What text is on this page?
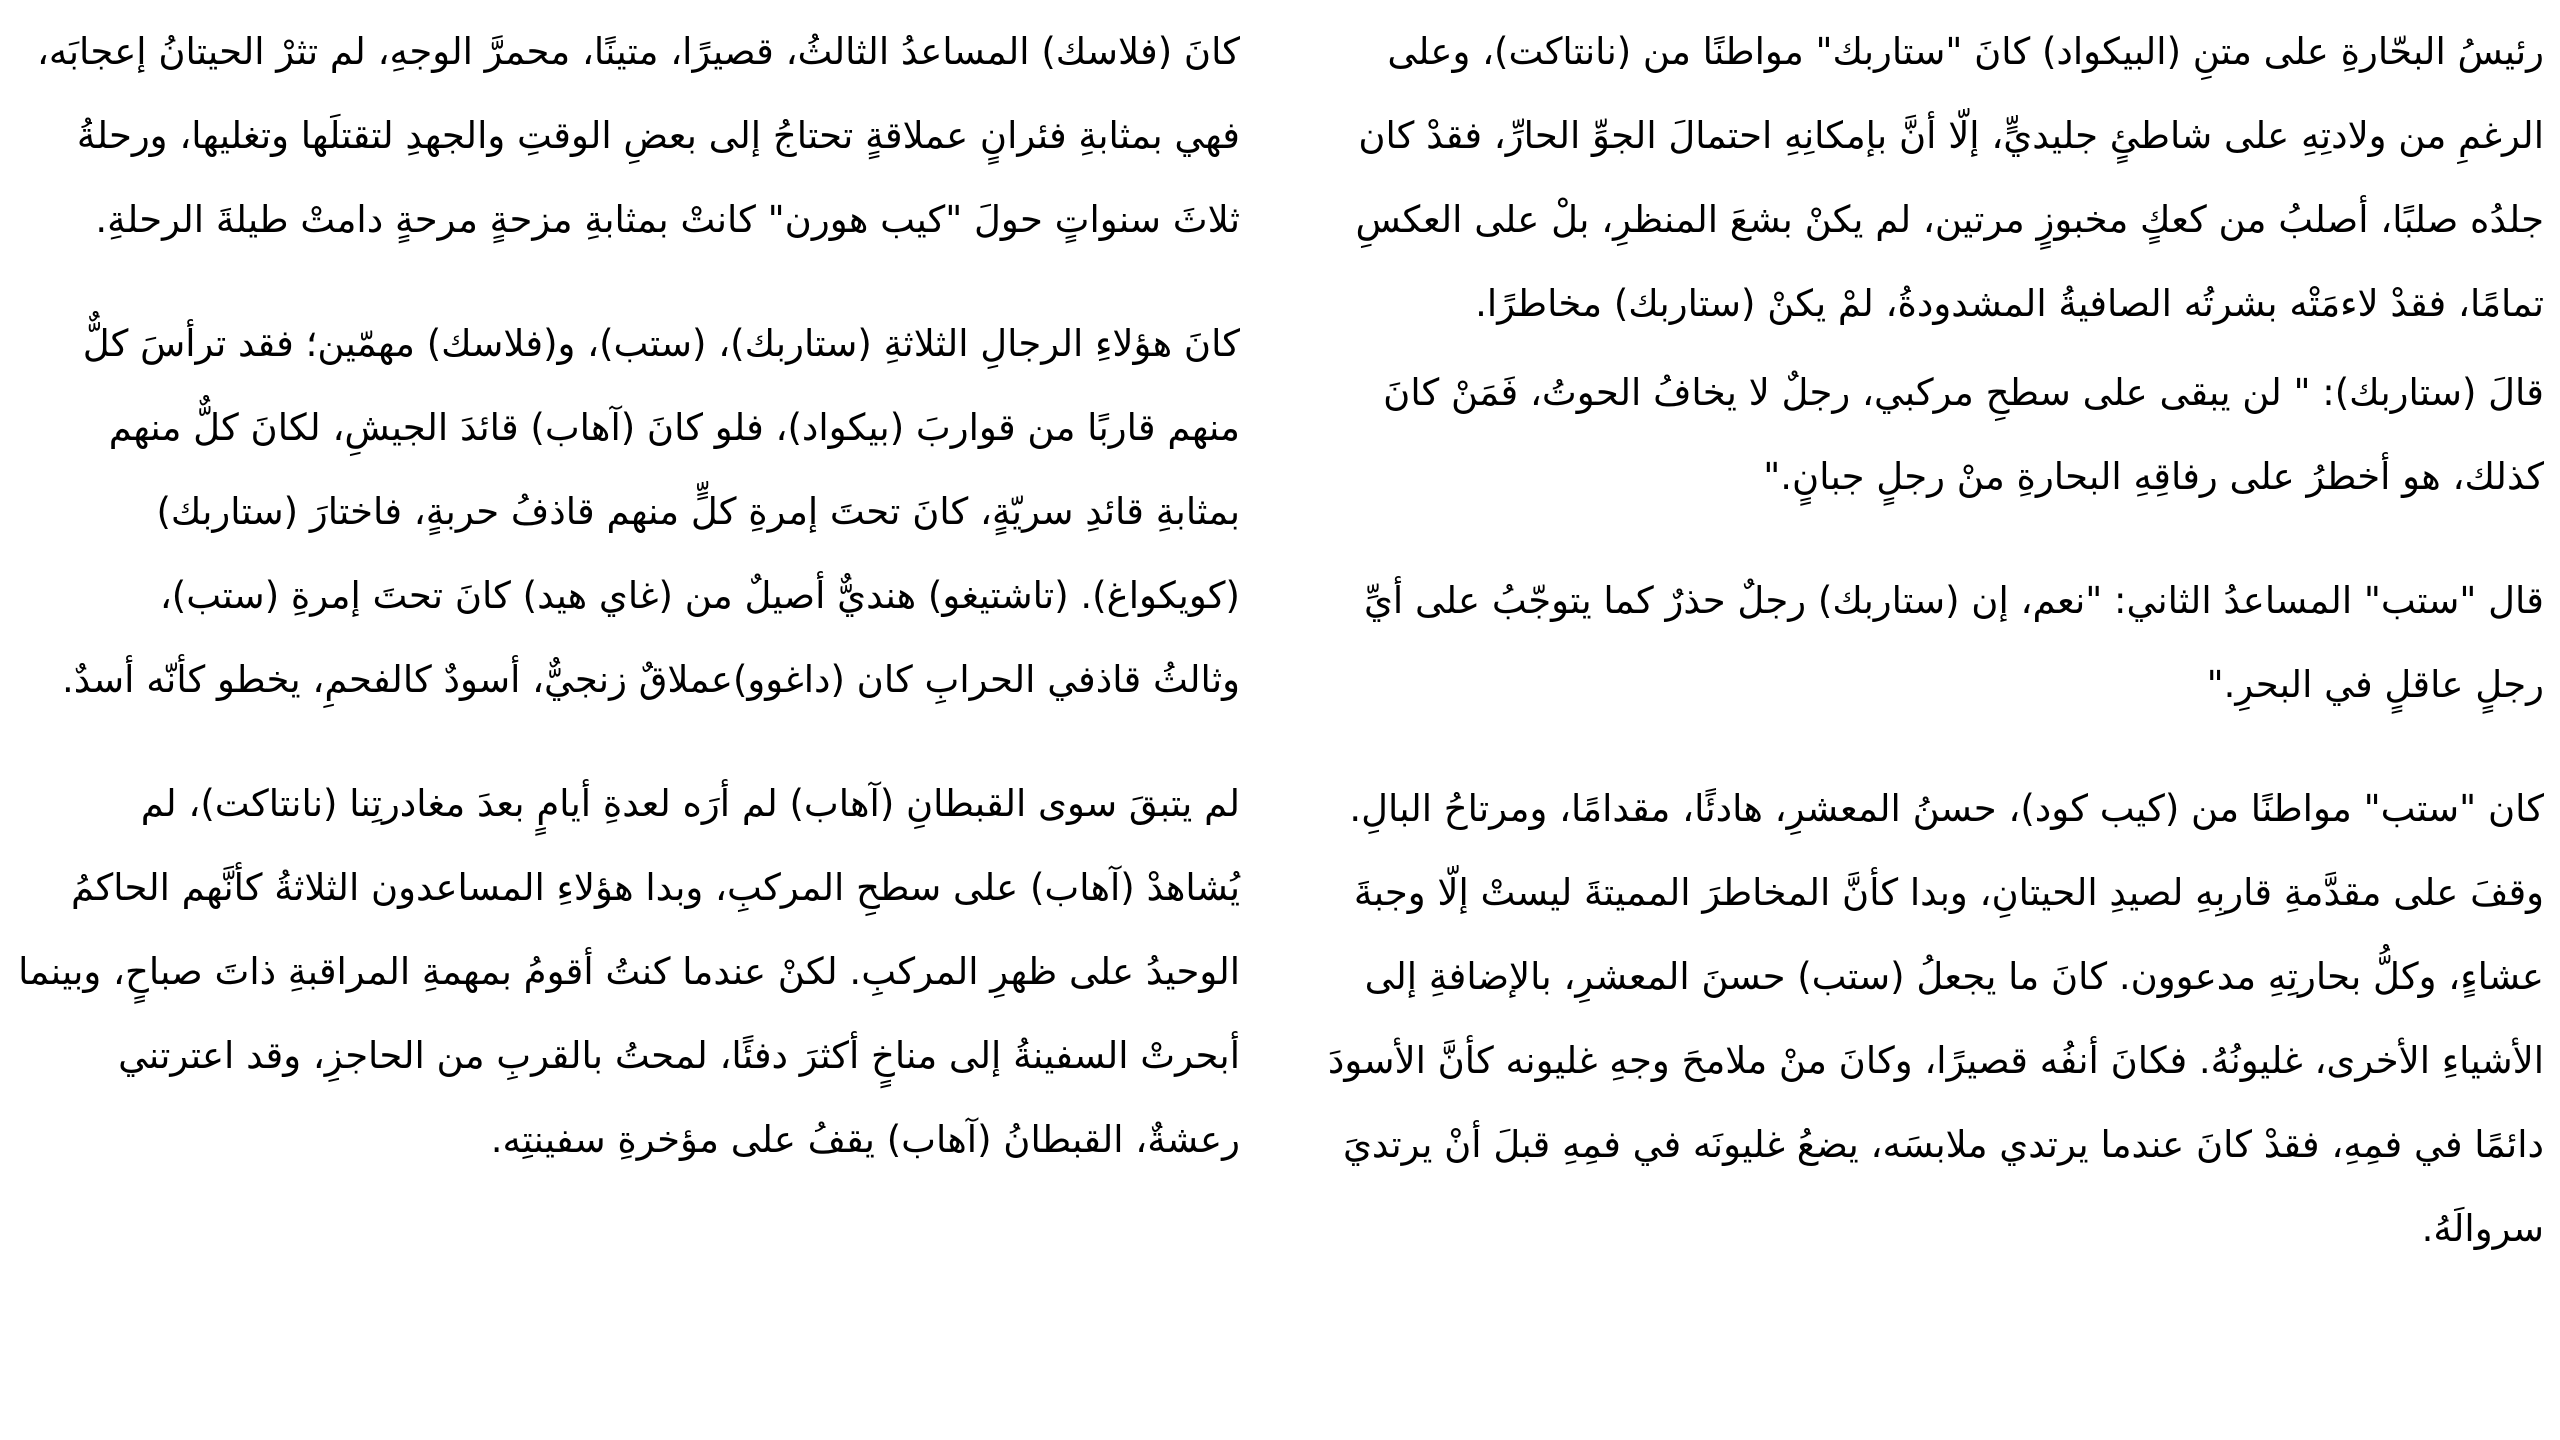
رئيسُ البحّارةِ على متنِ (البيكواد) كانَ "ستاربك" مواطنًا من (نانتاكت)، وعلى
الرغمِ من ولادتِهِ على شاطئٍ جليديٍّ، إلّا أنَّ بإمكانِهِ احتمالَ الجوِّ الحارِّ، فقدْ كان
جلدُه صلبًا، أصلبُ من كعكٍ مخبوزٍ مرتين، لم يكنْ بشعَ المنظرِ، بلْ على العكسِ
تمامًا، فقدْ لاءمَتْه بشرتُه الصافيةُ المشدودةُ، لمْ يكنْ (ستاربك) مخاطرًا.
قالَ (ستاربك): " لن يبقى على سطحِ مركبي، رجلٌ لا يخافُ الحوتُ، فَمَنْ كانَ
كذلك، هو أخطرُ على رفاقِهِ البحارةِ منْ رجلٍ جبانٍ."
قال "ستب" المساعدُ الثاني: "نعم، إن (ستاربك) رجلٌ حذرٌ كما يتوجّبُ على أيِّ
رجلٍ عاقلٍ في البحرِ."
كان "ستب" مواطنًا من (كيب كود)، حسنُ المعشرِ، هادئًا، مقدامًا، ومرتاحُ البالِ.
وقفَ على مقدَّمةِ قاربِهِ لصيدِ الحيتانِ، وبدا كأنَّ المخاطرَ المميتةَ ليستْ إلّا وجبةَ
عشاءٍ، وكلُّ بحارتِهِ مدعوون. كانَ ما يجعلُ (ستب) حسنَ المعشرِ، بالإضافةِ إلى
الأشياءِ الأخرى، غليونُهُ. فكانَ أنفُه قصيرًا، وكانَ منْ ملامحَ وجهِ غليونه كأنَّ الأسودَ
دائمًا في فمِهِ، فقدْ كانَ عندما يرتدي ملابسَه، يضعُ غليونَه في فمِهِ قبلَ أنْ يرتديَ
سروالَهُ.
كانَ (فلاسك) المساعدُ الثالثُ، قصيرًا، متينًا، محمرَّ الوجهِ، لم تثرْ الحيتانُ إعجابَه،
فهي بمثابةِ فئرانٍ عملاقةٍ تحتاجُ إلى بعضِ الوقتِ والجهدِ لتقتلَها وتغليها، ورحلةُ
ثلاثَ سنواتٍ حولَ "كيب هورن" كانتْ بمثابةِ مزحةٍ مرحةٍ دامتْ طيلةَ الرحلةِ.
كانَ هؤلاءِ الرجالِ الثلاثةِ (ستاربك)، (ستب)، و(فلاسك) مهمّين؛ فقد ترأسَ كلٌّ
منهم قاربًا من قواربَ (بيكواد)، فلو كانَ (آهاب) قائدَ الجيشِ، لكانَ كلٌّ منهم
بمثابةِ قائدِ سريّةٍ، كانَ تحتَ إمرةِ كلٍّ منهم قاذفُ حربةٍ، فاختارَ (ستاربك)
(كويكواغ). (تاشتيغو) هنديٌّ أصيلٌ من (غاي هيد) كانَ تحتَ إمرةِ (ستب)،
وثالثُ قاذفي الحرابِ كان (داغوو)عملاقٌ زنجيٌّ، أسودٌ كالفحمِ، يخطو كأنّه أسدٌ.
لم يتبقَ سوى القبطانِ (آهاب) لم أرَه لعدةِ أيامٍ بعدَ مغادرتِنا (نانتاكت)، لم
يُشاهدْ (آهاب) على سطحِ المركبِ، وبدا هؤلاءِ المساعدون الثلاثةُ كأنَّهم الحاكمُ
الوحيدُ على ظهرِ المركبِ. لكنْ عندما كنتُ أقومُ بمهمةِ المراقبةِ ذاتَ صباحٍ، وبينما
أبحرتْ السفينةُ إلى مناخٍ أكثرَ دفئًا، لمحتُ بالقربِ من الحاجزِ، وقد اعترتني
رعشةٌ، القبطانُ (آهاب) يقفُ على مؤخرةِ سفينتِه.
